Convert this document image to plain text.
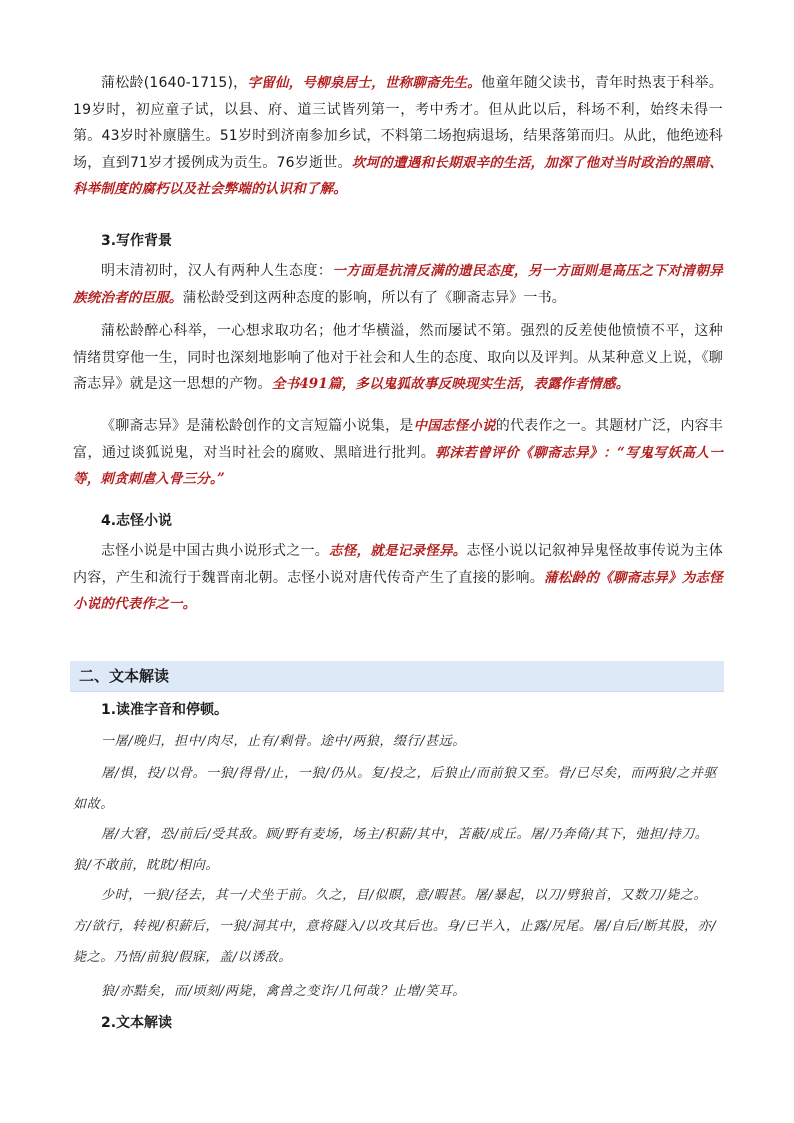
蒲松龄(1640-1715)，字留仙，号柳泉居士，世称聊斋先生。他童年随父读书，青年时热衷于科举。19岁时，初应童子试，以县、府、道三试皆列第一，考中秀才。但从此以后，科场不利，始终未得一第。43岁时补廪膳生。51岁时到济南参加乡试，不料第二场抱病退场，结果落第而归。从此，他绝迹科场，直到71岁才援例成为贡生。76岁逝世。坎坷的遭遇和长期艰辛的生活，加深了他对当时政治的黑暗、科举制度的腐朽以及社会弊端的认识和了解。

3.写作背景

明末清初时，汉人有两种人生态度：一方面是抗清反满的遗民态度，另一方面则是高压之下对清朝异族统治者的臣服。蒲松龄受到这两种态度的影响，所以有了《聊斋志异》一书。

蒲松龄醉心科举，一心想求取功名；他才华横溢，然而屡试不第。强烈的反差使他愤愤不平，这种情绪贯穿他一生，同时也深刻地影响了他对于社会和人生的态度、取向以及评判。从某种意义上说，《聊斋志异》就是这一思想的产物。全书491篇，多以鬼狐故事反映现实生活，表露作者情感。

《聊斋志异》是蒲松龄创作的文言短篇小说集，是中国志怪小说的代表作之一。其题材广泛，内容丰富，通过谈狐说鬼，对当时社会的腐败、黑暗进行批判。郭沫若曾评价《聊斋志异》：“写鬼写妖高人一等，刺贪刺虐入骨三分。”

4.志怪小说

志怪小说是中国古典小说形式之一。志怪，就是记录怪异。志怪小说以记叙神异鬼怪故事传说为主体内容，产生和流行于魏晋南北朝。志怪小说对唐代传奇产生了直接的影响。蒲松龄的《聊斋志异》为志怪小说的代表作之一。

二、文本解读
1.读准字音和停顿。

一屠/晚归，担中/肉尽，止有/剩骨。途中/两狼，缀行/甚远。

屠/惧，投/以骨。一狼/得骨/止，一狼/仍从。复/投之，后狼止/而前狼又至。骨/已尽矣，而两狼/之并驱如故。

屠/大窘，恐/前后/受其敌。顾/野有麦场，场主/积薪/其中，苫蔽/成丘。屠/乃奔倚/其下，弛担/持刀。狼/不敢前，眈眈/相向。

少时，一狼/径去，其一/犬坐于前。久之，目/似瞑，意/暇甚。屠/暴起，以刀/劈狼首，又数刀/毙之。方/欲行，转视/积薪后，一狼/洞其中，意将隧入/以攻其后也。身/已半入，止露/尻尾。屠/自后/断其股，亦/毙之。乃悟/前狼/假寐，盖/以诱敌。

狼/亦黠矣，而/顷刻/两毙，禽兽之变诈/几何哉？止增/笑耳。

2.文本解读
